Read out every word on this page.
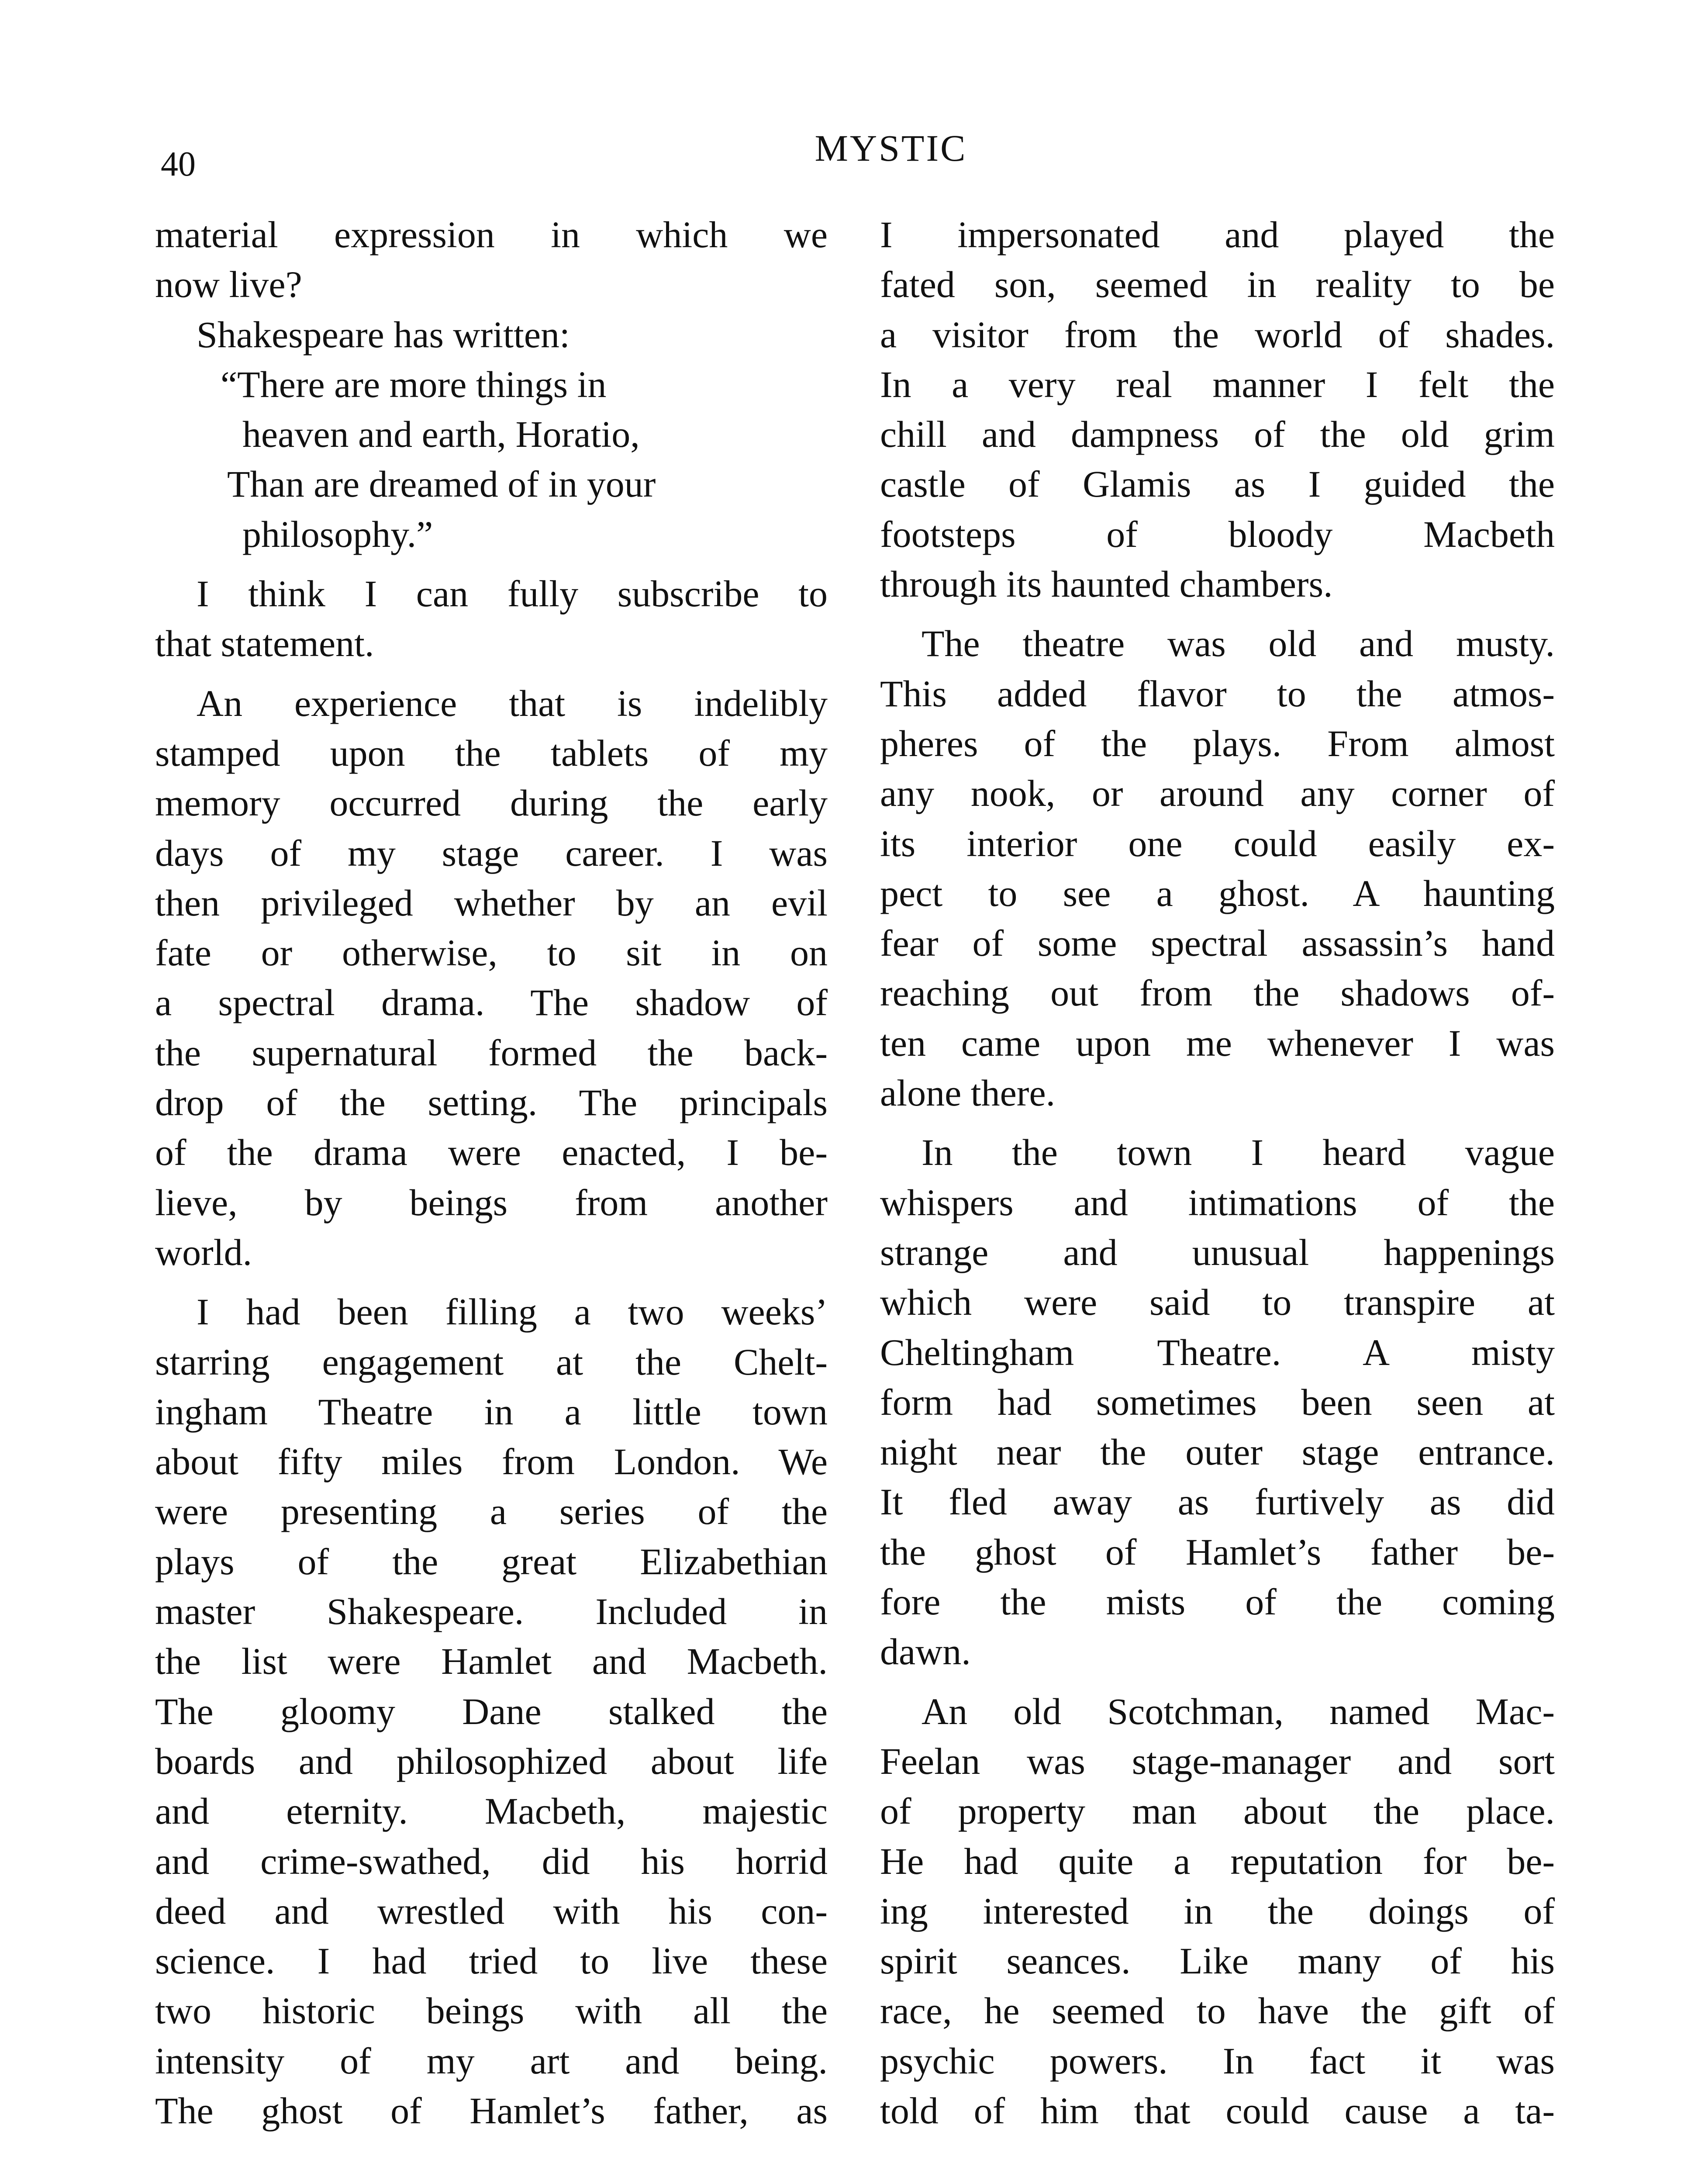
40	MYSTIC
material expression in which we
now live?
Shakespeare has written:
“There are more things in
heaven and earth, Horatio,
Than are dreamed of in your
philosophy.”
I think I can fully subscribe to
that statement.
An experience that is indelibly
stamped upon the tablets of my
memory occurred during the early
days of my stage career. I was
then privileged whether by an evil
fate or otherwise, to sit in on
a spectral drama. The shadow of
the supernatural formed the back-
drop of the setting. The principals
of the drama were enacted, I be-
lieve, by beings from another
world.
I had been filling a two weeks’
starring engagement at the Chelt-
ingham Theatre in a little town
about fifty miles from London. We
were presenting a series of the
plays of the great Elizabethian
master Shakespeare. Included in
the list were Hamlet and Macbeth.
The gloomy Dane stalked the
boards and philosophized about life
and eternity. Macbeth, majestic
and crime-swathed, did his horrid
deed and wrestled with his con-
science. I had tried to live these
two historic beings with all the
intensity of my art and being.
The ghost of Hamlet’s father, as
I impersonated and played the
fated son, seemed in reality to be
a visitor from the world of shades.
In a very real manner I felt the
chill and dampness of the old grim
castle of Glamis as I guided the
footsteps of bloody Macbeth
through its haunted chambers.
The theatre was old and musty.
This added flavor to the atmos-
pheres of the plays. From almost
any nook, or around any corner of
its interior one could easily ex-
pect to see a ghost. A haunting
fear of some spectral assassin’s hand
reaching out from the shadows of-
ten came upon me whenever I was
alone there.
In the town I heard vague
whispers and intimations of the
strange and unusual happenings
which were said to transpire at
Cheltingham Theatre. A misty
form had sometimes been seen at
night near the outer stage entrance.
It fled away as furtively as did
the ghost of Hamlet’s father be-
fore the mists of the coming
dawn.
An old Scotchman, named Mac-
Feelan was stage-manager and sort
of property man about the place.
He had quite a reputation for be-
ing interested in the doings of
spirit seances. Like many of his
race, he seemed to have the gift of
psychic powers. In fact it was
told of him that could cause a ta-
